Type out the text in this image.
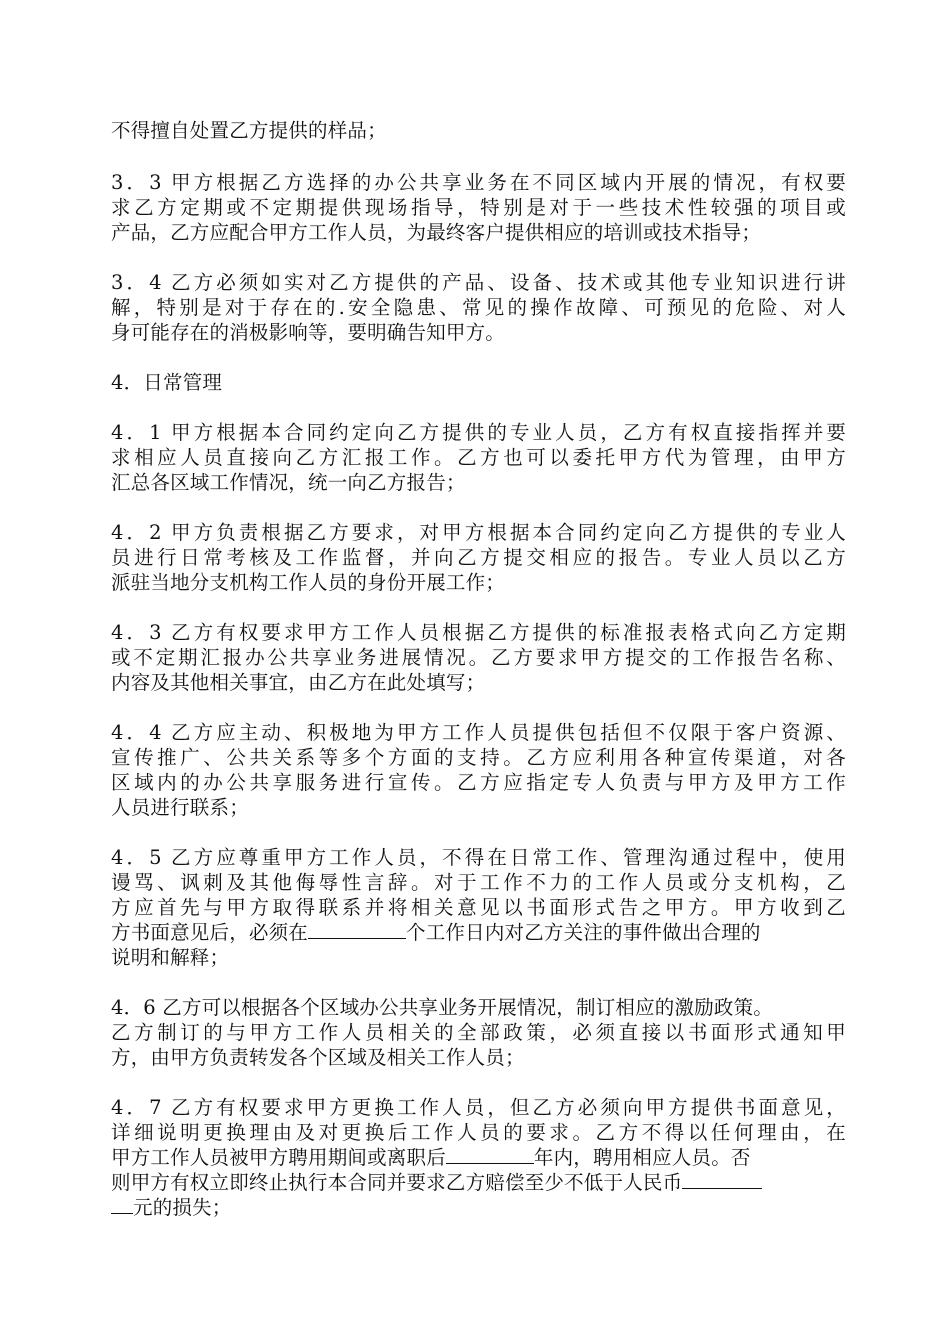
不得擅自处置乙方提供的样品；
3．3 甲方根据乙方选择的办公共享业务在不同区域内开展的情况，有权要
求乙方定期或不定期提供现场指导，特别是对于一些技术性较强的项目或
产品，乙方应配合甲方工作人员，为最终客户提供相应的培训或技术指导；
3．4 乙方必须如实对乙方提供的产品、设备、技术或其他专业知识进行讲
解，特别是对于存在的.安全隐患、常见的操作故障、可预见的危险、对人
身可能存在的消极影响等，要明确告知甲方。
4．日常管理
4．1 甲方根据本合同约定向乙方提供的专业人员，乙方有权直接指挥并要
求相应人员直接向乙方汇报工作。乙方也可以委托甲方代为管理，由甲方
汇总各区域工作情况，统一向乙方报告；
4．2 甲方负责根据乙方要求，对甲方根据本合同约定向乙方提供的专业人
员进行日常考核及工作监督，并向乙方提交相应的报告。专业人员以乙方
派驻当地分支机构工作人员的身份开展工作；
4．3 乙方有权要求甲方工作人员根据乙方提供的标准报表格式向乙方定期
或不定期汇报办公共享业务进展情况。乙方要求甲方提交的工作报告名称、
内容及其他相关事宜，由乙方在此处填写；
4．4 乙方应主动、积极地为甲方工作人员提供包括但不仅限于客户资源、
宣传推广、公共关系等多个方面的支持。乙方应利用各种宣传渠道，对各
区域内的办公共享服务进行宣传。乙方应指定专人负责与甲方及甲方工作
人员进行联系；
4．5 乙方应尊重甲方工作人员，不得在日常工作、管理沟通过程中，使用
谩骂、讽刺及其他侮辱性言辞。对于工作不力的工作人员或分支机构，乙
方应首先与甲方取得联系并将相关意见以书面形式告之甲方。甲方收到乙
方书面意见后，必须在	个工作日内对乙方关注的事件做出合理的
说明和解释；
4．6 乙方可以根据各个区域办公共享业务开展情况，制订相应的激励政策。
乙方制订的与甲方工作人员相关的全部政策，必须直接以书面形式通知甲
方，由甲方负责转发各个区域及相关工作人员；
4．7 乙方有权要求甲方更换工作人员，但乙方必须向甲方提供书面意见，
详细说明更换理由及对更换后工作人员的要求。乙方不得以任何理由，在
甲方工作人员被甲方聘用期间或离职后	年内，聘用相应人员。否
则甲方有权立即终止执行本合同并要求乙方赔偿至少不低于人民币
元的损失；
